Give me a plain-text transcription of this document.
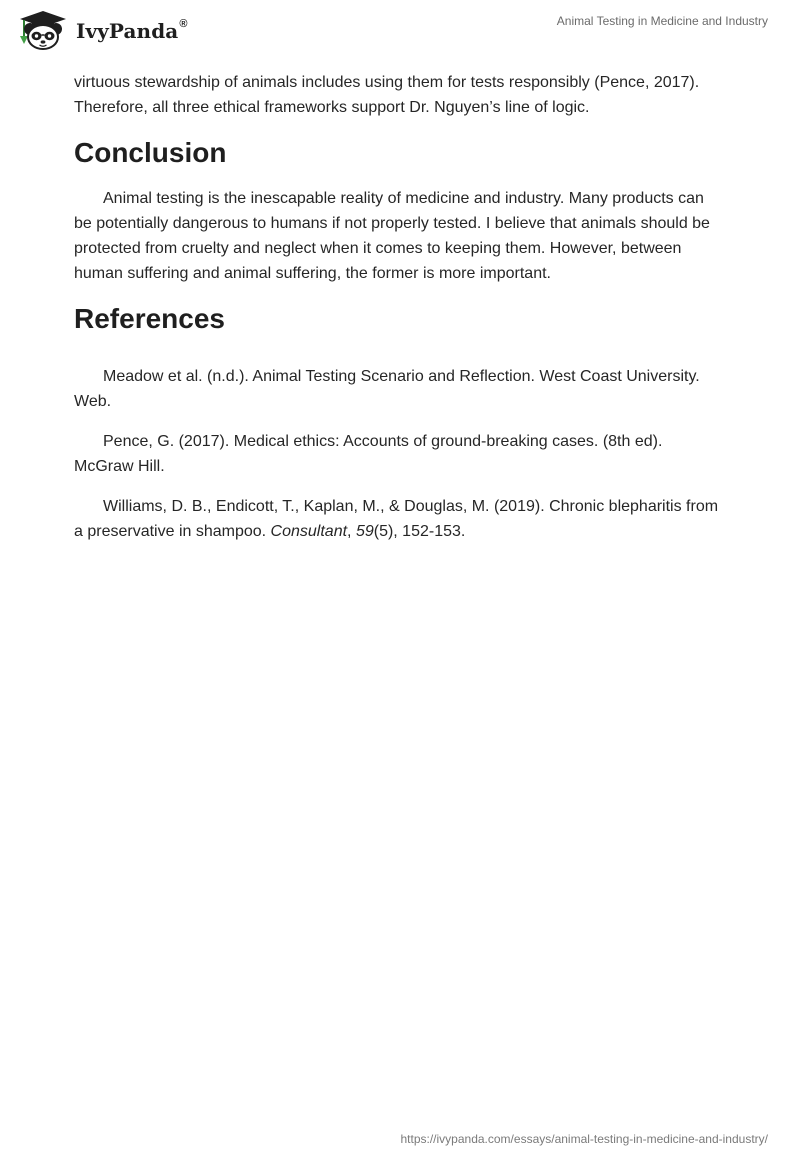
IvyPanda®	Animal Testing in Medicine and Industry

virtuous stewardship of animals includes using them for tests responsibly (Pence, 2017). Therefore, all three ethical frameworks support Dr. Nguyen’s line of logic.

Conclusion

Animal testing is the inescapable reality of medicine and industry. Many products can be potentially dangerous to humans if not properly tested. I believe that animals should be protected from cruelty and neglect when it comes to keeping them. However, between human suffering and animal suffering, the former is more important.

References

Meadow et al. (n.d.). Animal Testing Scenario and Reflection. West Coast University. Web.

Pence, G. (2017). Medical ethics: Accounts of ground-breaking cases. (8th ed). McGraw Hill.

Williams, D. B., Endicott, T., Kaplan, M., & Douglas, M. (2019). Chronic blepharitis from a preservative in shampoo. Consultant, 59(5), 152-153.

https://ivypanda.com/essays/animal-testing-in-medicine-and-industry/
